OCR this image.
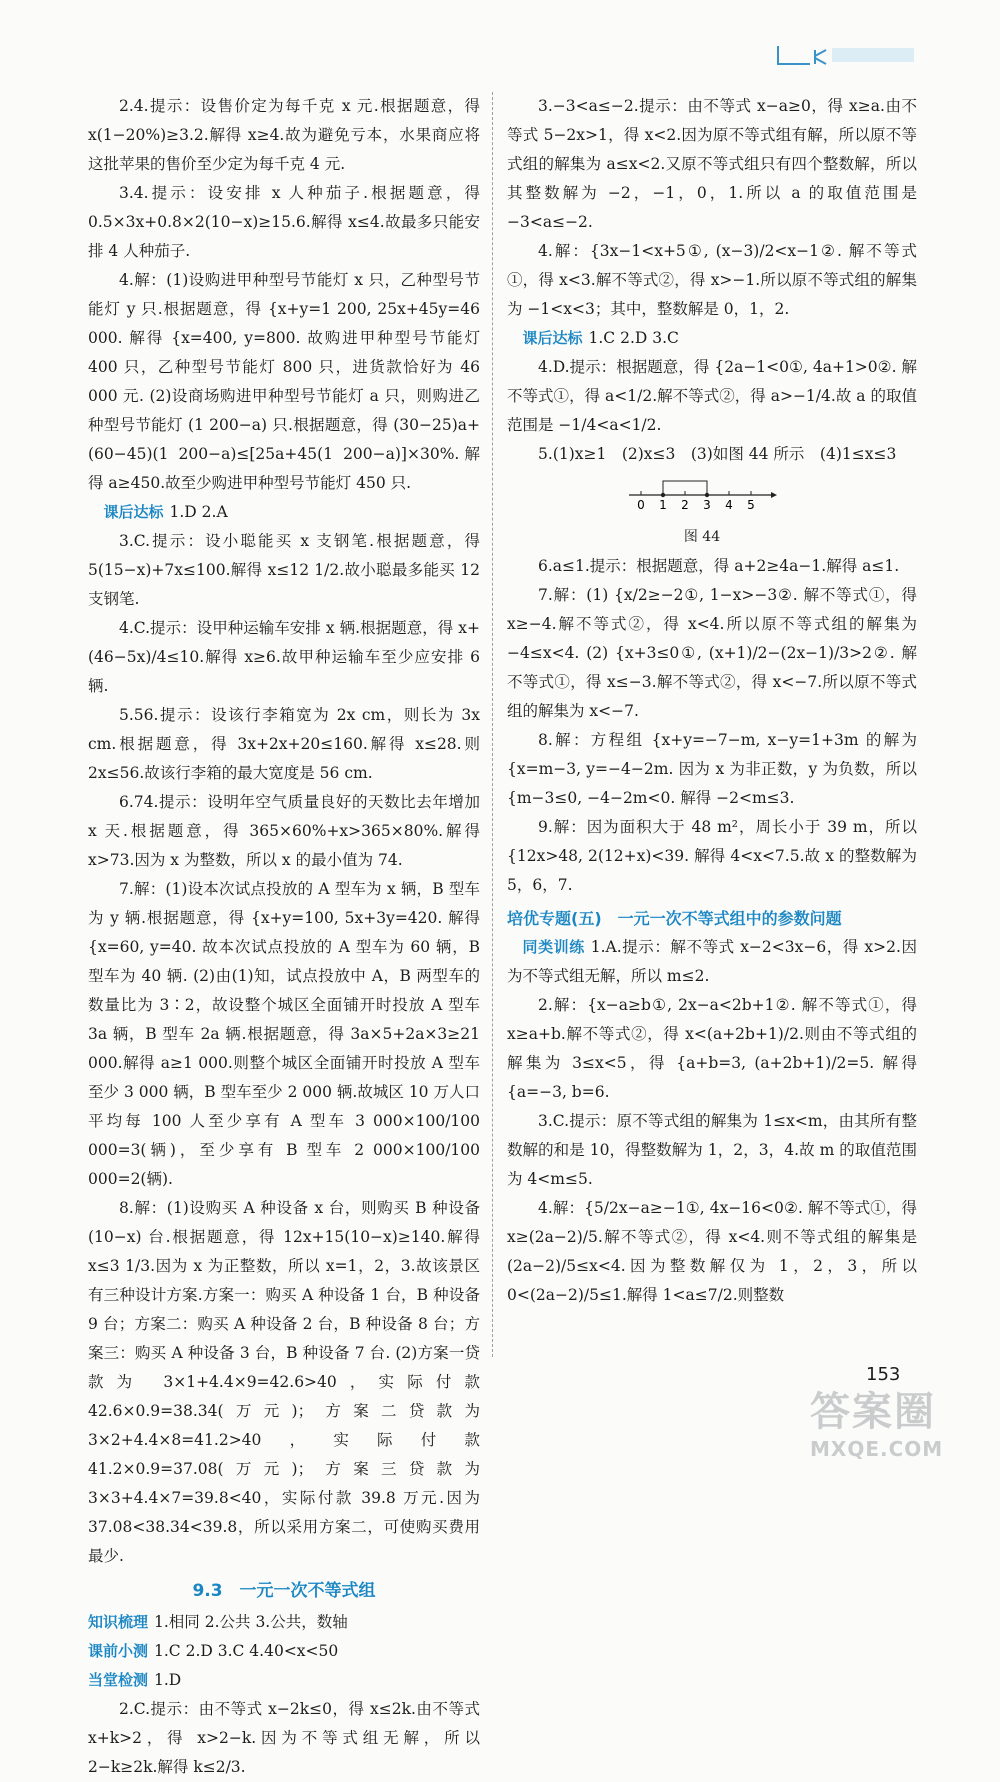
2.4.提示：设售价定为每千克 x 元.根据题意，得 x(1−20%)≥3.2.解得 x≥4.故为避免亏本，水果商应将这批苹果的售价至少定为每千克 4 元.

3.4.提示：设安排 x 人种茄子.根据题意，得 0.5×3x+0.8×2(10−x)≥15.6.解得 x≤4.故最多只能安排 4 人种茄子.

4.解：(1)设购进甲种型号节能灯 x 只，乙种型号节能灯 y 只.根据题意，得 {x+y=1 200, 25x+45y=46 000. 解得 {x=400, y=800. 故购进甲种型号节能灯 400 只，乙种型号节能灯 800 只，进货款恰好为 46 000 元. (2)设商场购进甲种型号节能灯 a 只，则购进乙种型号节能灯 (1 200−a) 只.根据题意，得 (30−25)a+(60−45)(1 200−a)≤[25a+45(1 200−a)]×30%.解得 a≥450.故至少购进甲种型号节能灯 450 只.

课后达标 1.D 2.A

3.C.提示：设小聪能买 x 支钢笔.根据题意，得 5(15−x)+7x≤100.解得 x≤12 1/2.故小聪最多能买 12 支钢笔.

4.C.提示：设甲种运输车安排 x 辆.根据题意，得 x+(46−5x)/4≤10.解得 x≥6.故甲种运输车至少应安排 6 辆.

5.56.提示：设该行李箱宽为 2x cm，则长为 3x cm.根据题意，得 3x+2x+20≤160.解得 x≤28.则 2x≤56.故该行李箱的最大宽度是 56 cm.

6.74.提示：设明年空气质量良好的天数比去年增加 x 天.根据题意，得 365×60%+x>365×80%.解得 x>73.因为 x 为整数，所以 x 的最小值为 74.

7.解：(1)设本次试点投放的 A 型车为 x 辆，B 型车为 y 辆.根据题意，得 {x+y=100, 5x+3y=420. 解得 {x=60, y=40. 故本次试点投放的 A 型车为 60 辆，B 型车为 40 辆. (2)由(1)知，试点投放中 A，B 两型车的数量比为 3∶2，故设整个城区全面铺开时投放 A 型车 3a 辆，B 型车 2a 辆.根据题意，得 3a×5+2a×3≥21 000.解得 a≥1 000.则整个城区全面铺开时投放 A 型车至少 3 000 辆，B 型车至少 2 000 辆.故城区 10 万人口平均每 100 人至少享有 A 型车 3 000×100/100 000=3(辆)，至少享有 B 型车 2 000×100/100 000=2(辆).

8.解：(1)设购买 A 种设备 x 台，则购买 B 种设备 (10−x) 台.根据题意，得 12x+15(10−x)≥140.解得 x≤3 1/3.因为 x 为正整数，所以 x=1，2，3.故该景区有三种设计方案.方案一：购买 A 种设备 1 台，B 种设备 9 台；方案二：购买 A 种设备 2 台，B 种设备 8 台；方案三：购买 A 种设备 3 台，B 种设备 7 台. (2)方案一贷款为 3×1+4.4×9=42.6>40，实际付款 42.6×0.9=38.34(万元)；方案二贷款为 3×2+4.4×8=41.2>40，实际付款 41.2×0.9=37.08(万元)；方案三贷款为 3×3+4.4×7=39.8<40，实际付款 39.8 万元.因为 37.08<38.34<39.8，所以采用方案二，可使购买费用最少.

9.3　一元一次不等式组

知识梳理 1.相同 2.公共 3.公共，数轴

课前小测 1.C 2.D 3.C 4.40<x<50

当堂检测 1.D

2.C.提示：由不等式 x−2k≤0，得 x≤2k.由不等式 x+k>2，得 x>2−k.因为不等式组无解，所以 2−k≥2k.解得 k≤2/3.

3.−3<a≤−2.提示：由不等式 x−a≥0，得 x≥a.由不等式 5−2x>1，得 x<2.因为原不等式组有解，所以原不等式组的解集为 a≤x<2.又原不等式组只有四个整数解，所以其整数解为 −2，−1，0，1.所以 a 的取值范围是 −3<a≤−2.

4.解：{3x−1<x+5①, (x−3)/2<x−1②. 解不等式①，得 x<3.解不等式②，得 x>−1.所以原不等式组的解集为 −1<x<3；其中，整数解是 0，1，2.

课后达标 1.C 2.D 3.C

4.D.提示：根据题意，得 {2a−1<0①, 4a+1>0②. 解不等式①，得 a<1/2.解不等式②，得 a>−1/4.故 a 的取值范围是 −1/4<a<1/2.

5.(1)x≥1　(2)x≤3　(3)如图 44 所示　(4)1≤x≤3

0 1 2 3 4 5
图 44

6.a≤1.提示：根据题意，得 a+2≥4a−1.解得 a≤1.

7.解：(1) {x/2≥−2①, 1−x>−3②. 解不等式①，得 x≥−4.解不等式②，得 x<4.所以原不等式组的解集为 −4≤x<4. (2) {x+3≤0①, (x+1)/2−(2x−1)/3>2②. 解不等式①，得 x≤−3.解不等式②，得 x<−7.所以原不等式组的解集为 x<−7.

8.解：方程组 {x+y=−7−m, x−y=1+3m 的解为 {x=m−3, y=−4−2m. 因为 x 为非正数，y 为负数，所以 {m−3≤0, −4−2m<0. 解得 −2<m≤3.

9.解：因为面积大于 48 m²，周长小于 39 m，所以 {12x>48, 2(12+x)<39. 解得 4<x<7.5.故 x 的整数解为 5，6，7.

培优专题(五)　一元一次不等式组中的参数问题

同类训练 1.A.提示：解不等式 x−2<3x−6，得 x>2.因为不等式组无解，所以 m≤2.

2.解：{x−a≥b①, 2x−a<2b+1②. 解不等式①，得 x≥a+b.解不等式②，得 x<(a+2b+1)/2.则由不等式组的解集为 3≤x<5，得 {a+b=3, (a+2b+1)/2=5. 解得 {a=−3, b=6.

3.C.提示：原不等式组的解集为 1≤x<m，由其所有整数解的和是 10，得整数解为 1，2，3，4.故 m 的取值范围为 4<m≤5.

4.解：{5/2x−a≥−1①, 4x−16<0②. 解不等式①，得 x≥(2a−2)/5.解不等式②，得 x<4.则不等式组的解集是 (2a−2)/5≤x<4.因为整数解仅为 1，2，3，所以 0<(2a−2)/5≤1.解得 1<a≤7/2.则整数

153
答案圈
MXQE.COM
